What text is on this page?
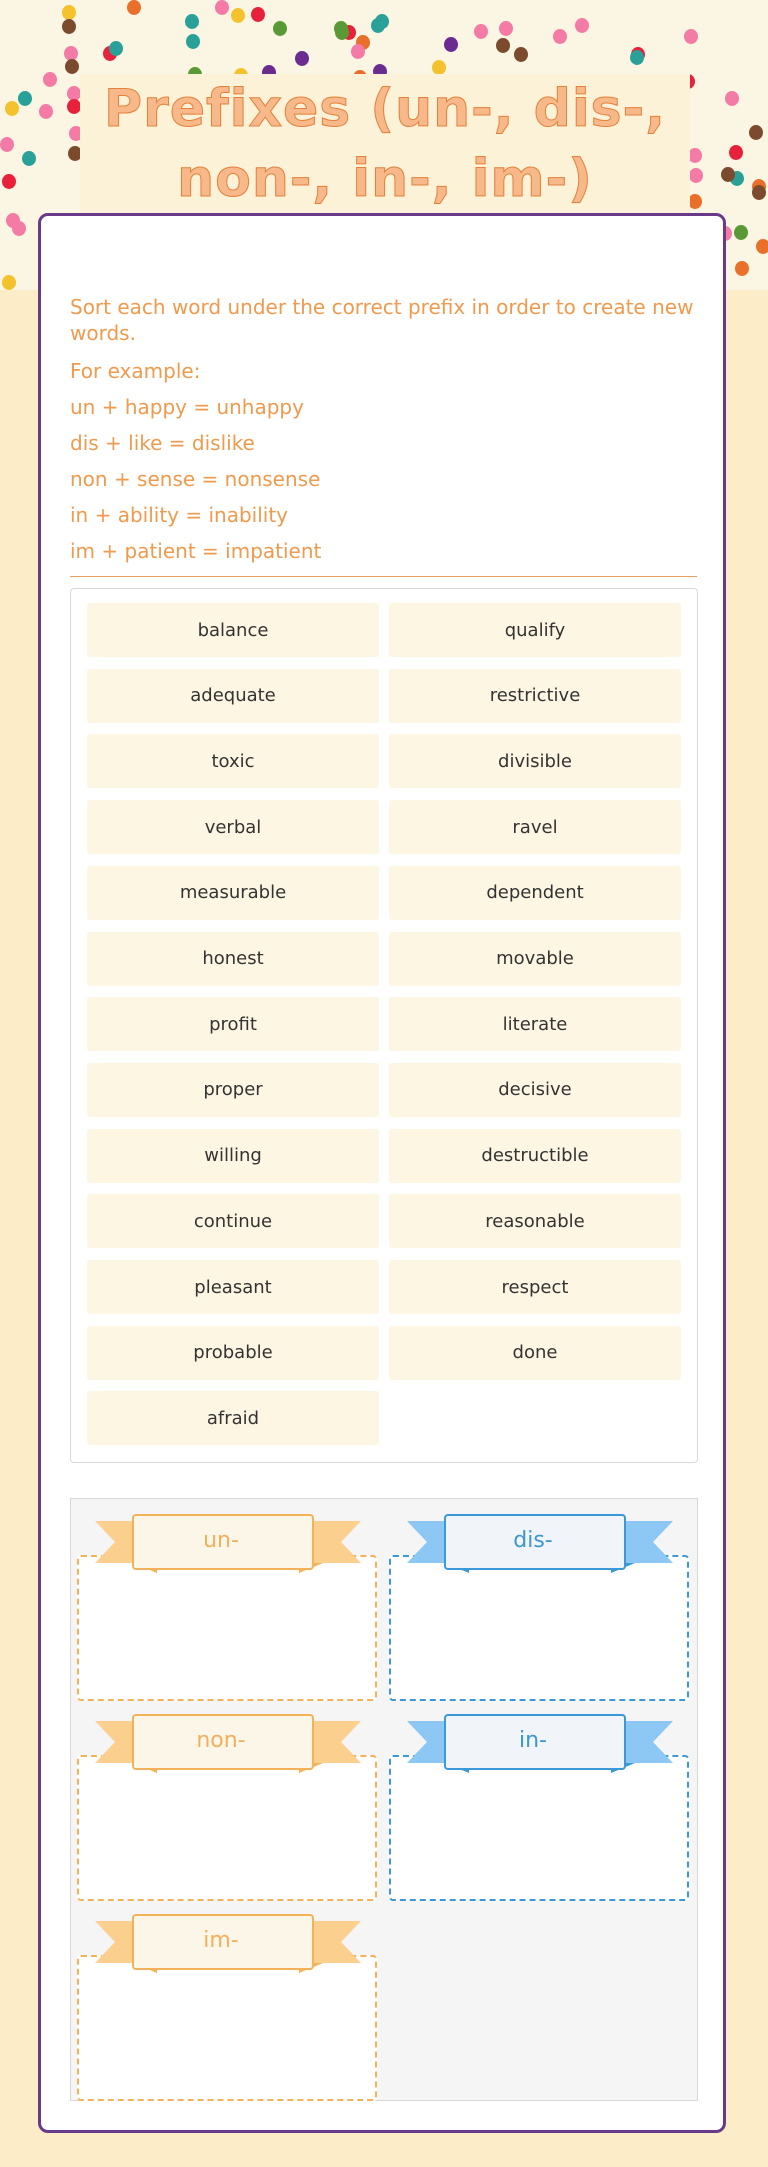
Prefixes (un-, dis-,
non-, in-, im-)

Sort each word under the correct prefix in order to create new words.

For example:

un + happy = unhappy

dis + like = dislike

non + sense = nonsense

in + ability = inability

im + patient = impatient

balance	qualify
adequate	restrictive
toxic	divisible
verbal	ravel
measurable	dependent
honest	movable
profit	literate
proper	decisive
willing	destructible
continue	reasonable
pleasant	respect
probable	done
afraid
un-	dis-
non-	in-
im-
